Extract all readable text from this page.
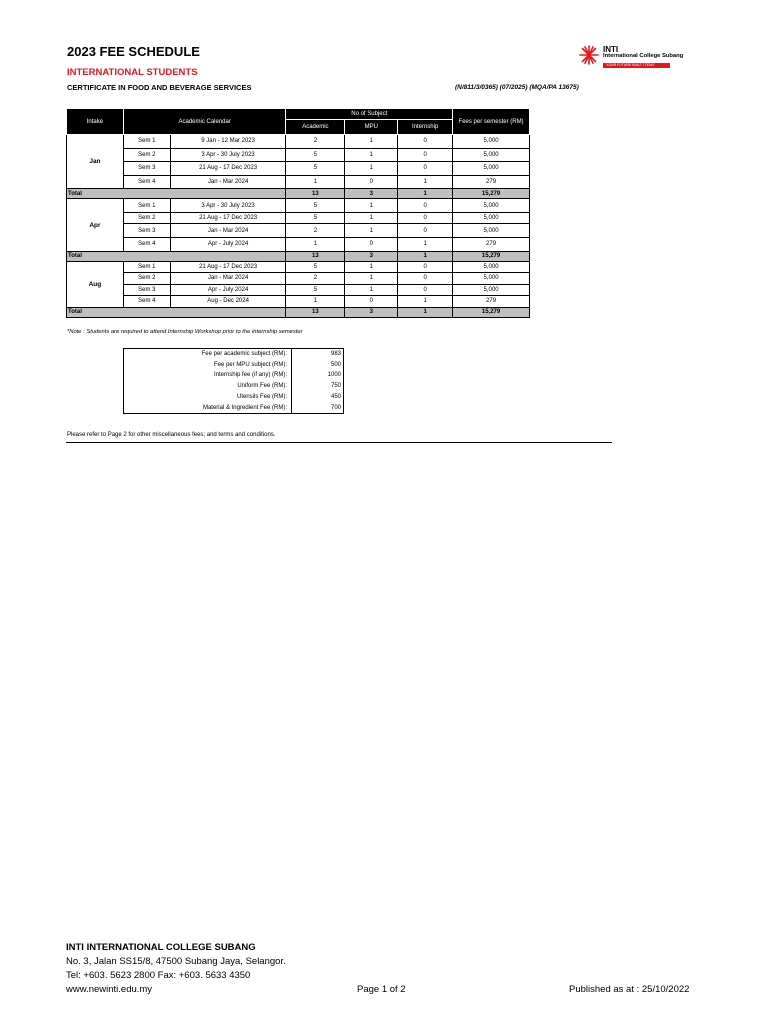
2023 FEE SCHEDULE
INTERNATIONAL STUDENTS
CERTIFICATE IN FOOD AND BEVERAGE SERVICES	(N/811/3/0365) (07/2025) (MQA/PA 13675)
INTI
International College Subang
YOUR FUTURE BUILT TODAY
Intake	Academic Calendar		No of Subject			Fees per semester (RM)
			Academic	MPU	Internship	
Jan	Sem 1	9 Jan - 12 Mar 2023	2	1	0	5,000
	Sem 2	3 Apr - 30 July 2023	5	1	0	5,000
	Sem 3	21 Aug - 17 Dec 2023	5	1	0	5,000
	Sem 4	Jan - Mar 2024	1	0	1	279
Total			13	3	1	15,279
Apr	Sem 1	3 Apr - 30 July 2023	5	1	0	5,000
	Sem 2	21 Aug - 17 Dec 2023	5	1	0	5,000
	Sem 3	Jan - Mar 2024	2	1	0	5,000
	Sem 4	Apr - July 2024	1	0	1	279
Total			13	3	1	15,279
Aug	Sem 1	21 Aug - 17 Dec 2023	5	1	0	5,000
	Sem 2	Jan - Mar 2024	2	1	0	5,000
	Sem 3	Apr - July 2024	5	1	0	5,000
	Sem 4	Aug - Dec 2024	1	0	1	279
Total			13	3	1	15,279
*Note : Students are required to attend Internship Workshop prior to the internship semester
Fee per academic subject (RM):	983
Fee per MPU subject (RM):	500
Internship fee (if any) (RM):	1000
Uniform Fee (RM):	750
Utensils Fee (RM):	450
Material & Ingredient Fee (RM):	700
Please refer to Page 2 for other miscellaneous fees; and terms and conditions.
INTI INTERNATIONAL COLLEGE SUBANG
No. 3, Jalan SS15/8, 47500 Subang Jaya, Selangor.
Tel: +603. 5623 2800 Fax: +603. 5633 4350
www.newinti.edu.my	Page 1 of 2	Published as at : 25/10/2022
